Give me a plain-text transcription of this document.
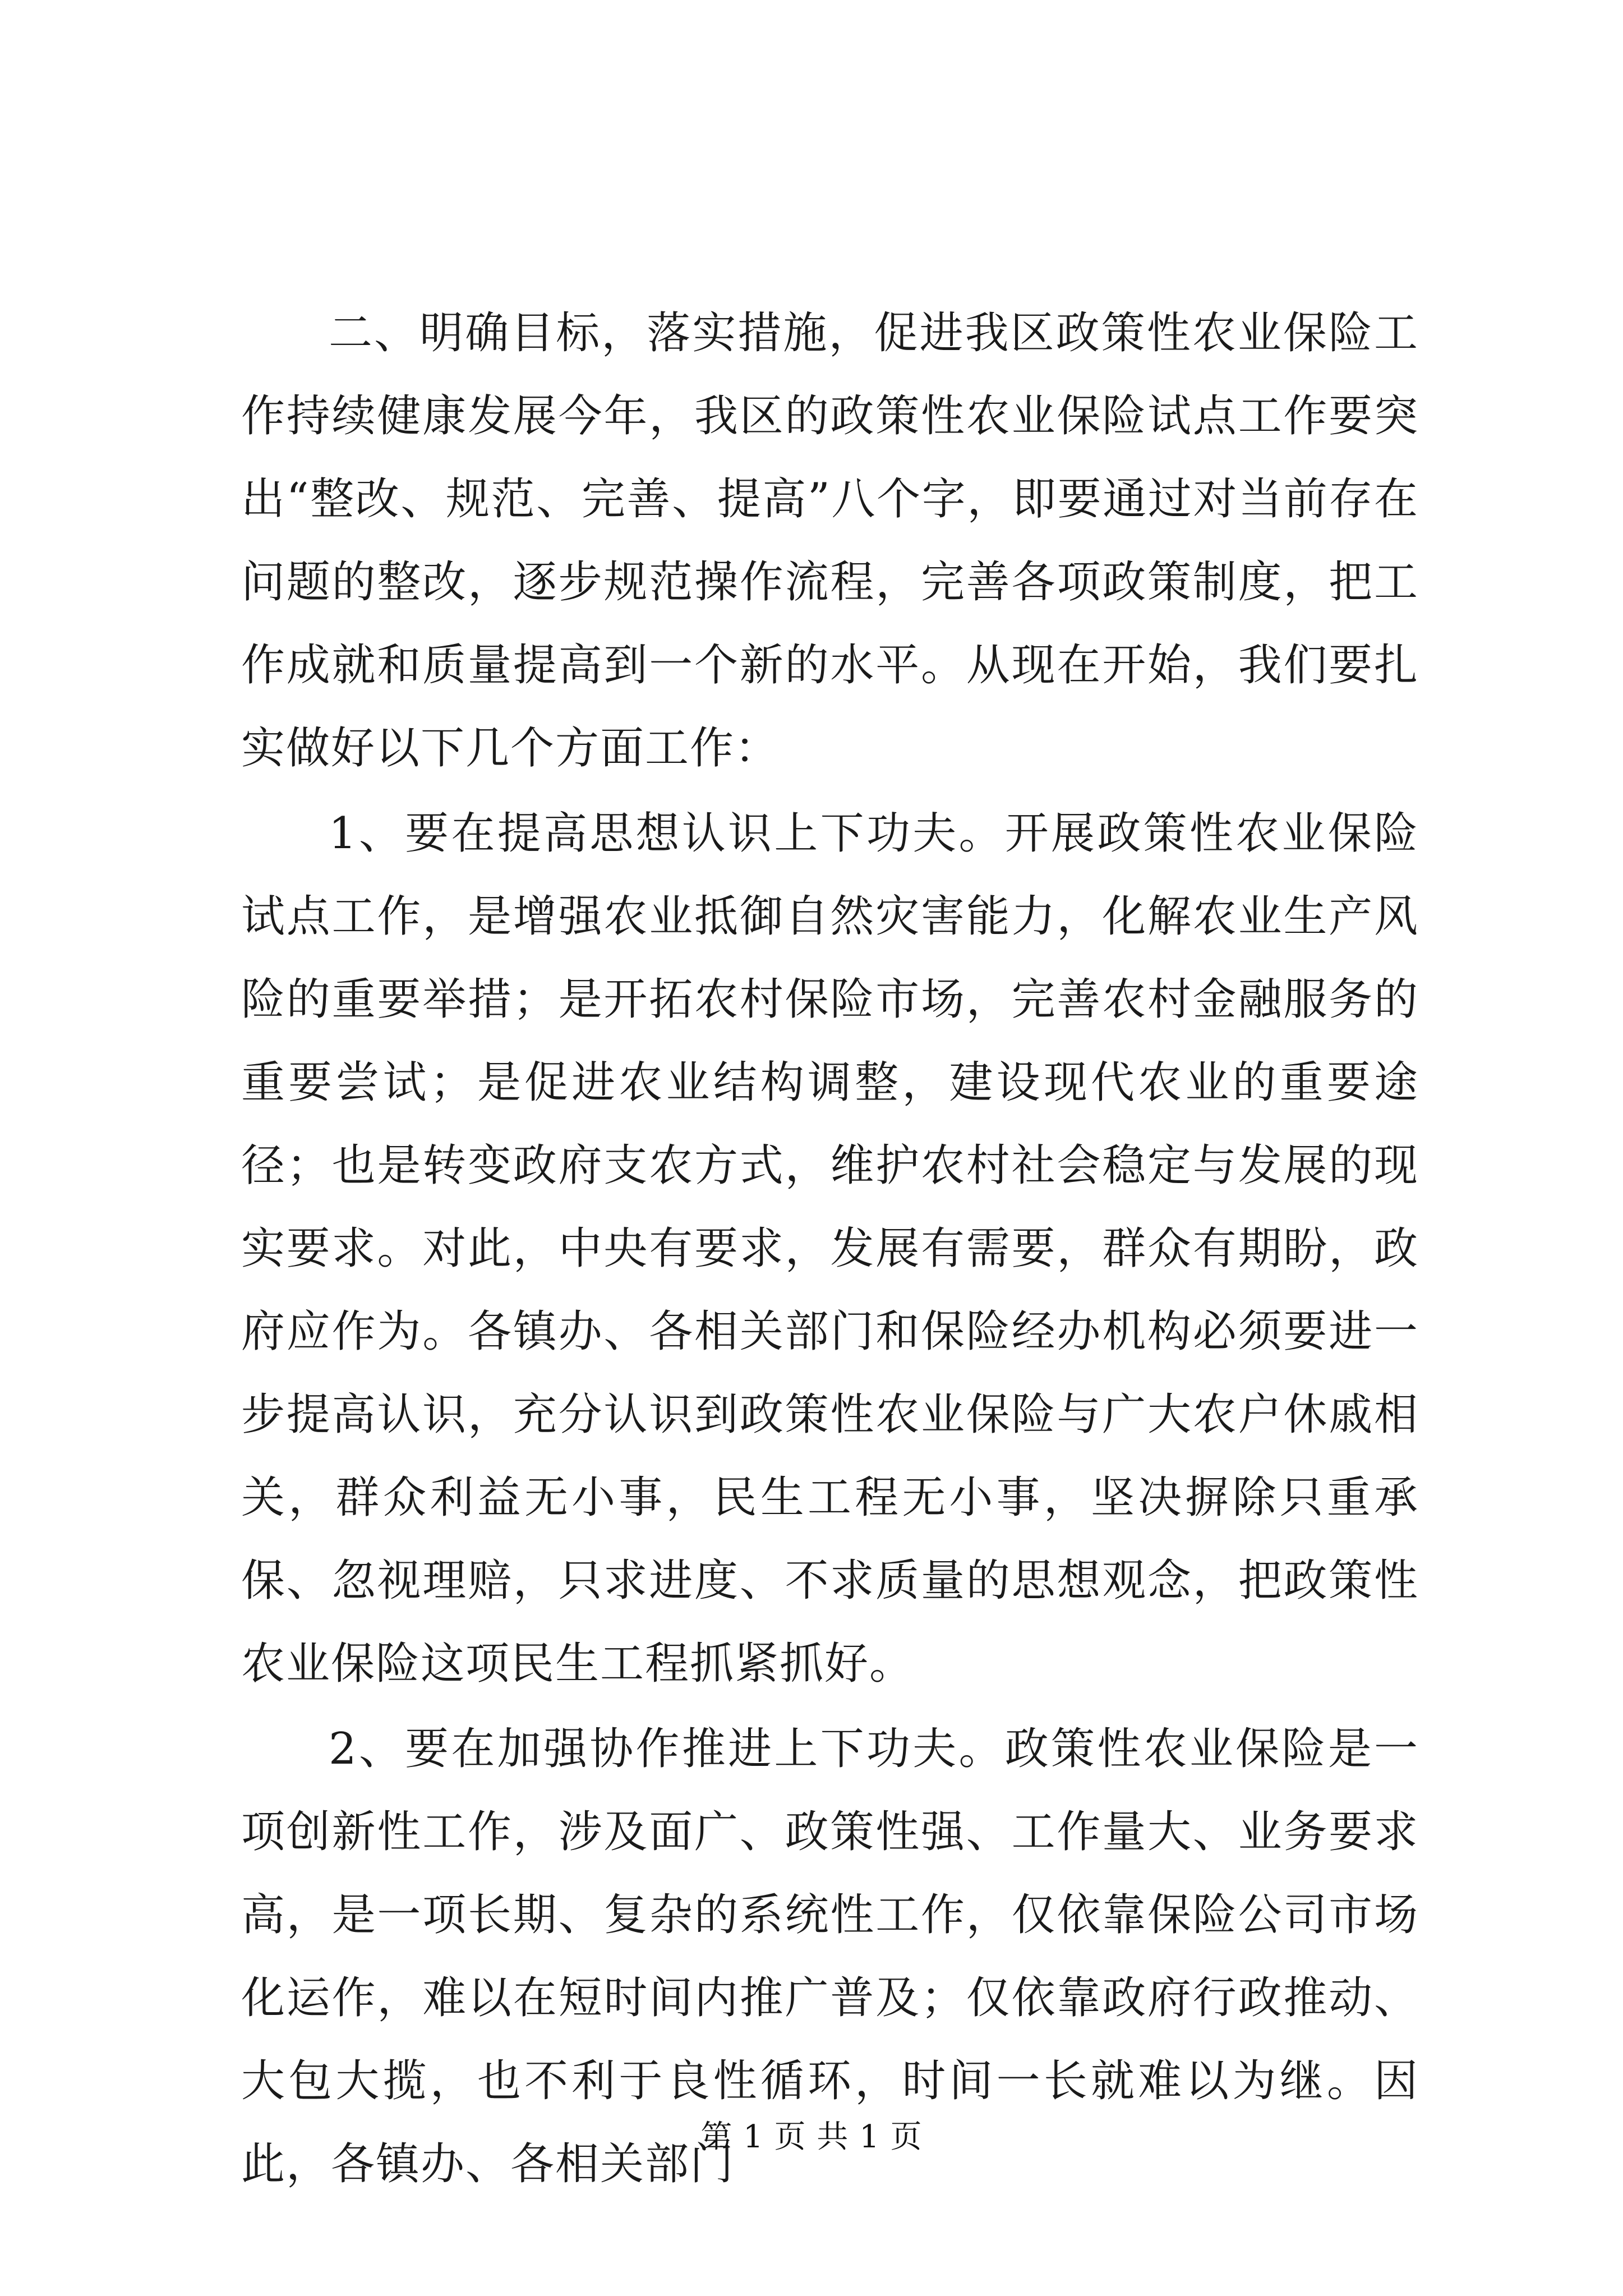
二、明确目标，落实措施，促进我区政策性农业保险工作持续健康发展今年，我区的政策性农业保险试点工作要突出“整改、规范、完善、提高”八个字，即要通过对当前存在问题的整改，逐步规范操作流程，完善各项政策制度，把工作成就和质量提高到一个新的水平。从现在开始，我们要扎实做好以下几个方面工作：

1、要在提高思想认识上下功夫。开展政策性农业保险试点工作，是增强农业抵御自然灾害能力，化解农业生产风险的重要举措；是开拓农村保险市场，完善农村金融服务的重要尝试；是促进农业结构调整，建设现代农业的重要途径；也是转变政府支农方式，维护农村社会稳定与发展的现实要求。对此，中央有要求，发展有需要，群众有期盼，政府应作为。各镇办、各相关部门和保险经办机构必须要进一步提高认识，充分认识到政策性农业保险与广大农户休戚相关，群众利益无小事，民生工程无小事，坚决摒除只重承保、忽视理赔，只求进度、不求质量的思想观念，把政策性农业保险这项民生工程抓紧抓好。

2、要在加强协作推进上下功夫。政策性农业保险是一项创新性工作，涉及面广、政策性强、工作量大、业务要求高，是一项长期、复杂的系统性工作，仅依靠保险公司市场化运作，难以在短时间内推广普及；仅依靠政府行政推动、大包大揽，也不利于良性循环，时间一长就难以为继。因此，各镇办、各相关部门

第 1 页 共 1 页
